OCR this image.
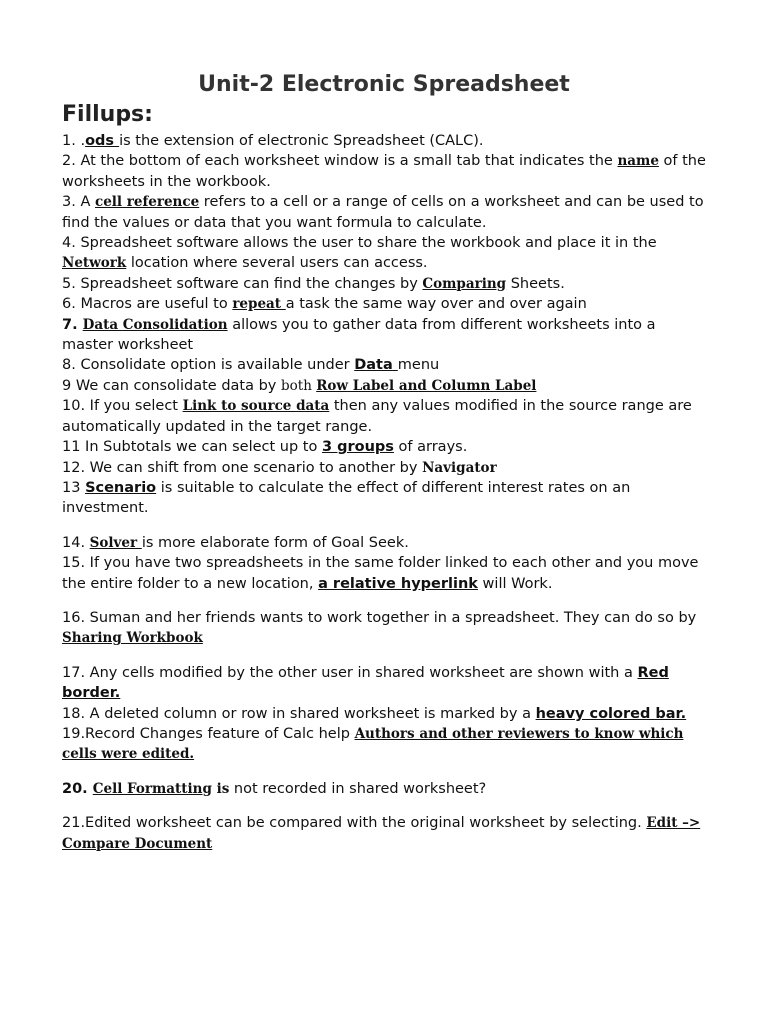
Unit-2 Electronic Spreadsheet
Fillups:

1. .ods is the extension of electronic Spreadsheet (CALC).

2. At the bottom of each worksheet window is a small tab that indicates the name of the worksheets in the workbook.

3. A cell reference refers to a cell or a range of cells on a worksheet and can be used to find the values or data that you want formula to calculate.

4. Spreadsheet software allows the user to share the workbook and place it in the Network location where several users can access.

5. Spreadsheet software can find the changes by Comparing Sheets.

6. Macros are useful to repeat a task the same way over and over again

7. Data Consolidation allows you to gather data from different worksheets into a master worksheet

8. Consolidate option is available under Data menu

9 We can consolidate data by both Row Label and Column Label

10. If you select Link to source data then any values modified in the source range are automatically updated in the target range.

11 In Subtotals we can select up to 3 groups of arrays.

12. We can shift from one scenario to another by Navigator

13 Scenario is suitable to calculate the effect of different interest rates on an investment.

14. Solver is more elaborate form of Goal Seek.

15. If you have two spreadsheets in the same folder linked to each other and you move the entire folder to a new location, a relative hyperlink will Work.

16. Suman and her friends wants to work together in a spreadsheet. They can do so by Sharing Workbook

17. Any cells modified by the other user in shared worksheet are shown with a Red border.

18. A deleted column or row in shared worksheet is marked by a heavy colored bar.

19.Record Changes feature of Calc help Authors and other reviewers to know which cells were edited.

20. Cell Formatting is not recorded in shared worksheet?

21.Edited worksheet can be compared with the original worksheet by selecting. Edit –> Compare Document
